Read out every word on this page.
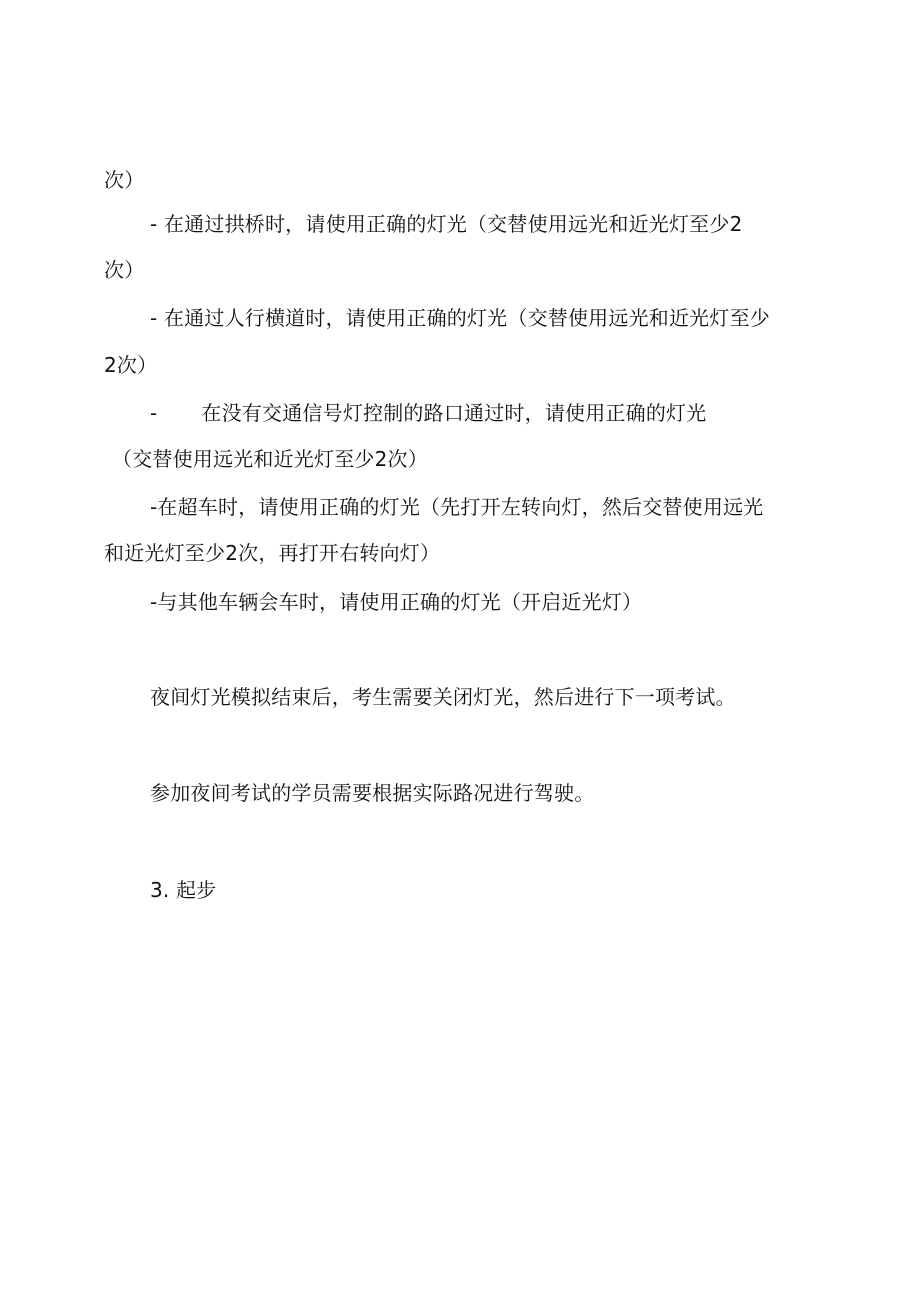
次）
- 在通过拱桥时，请使用正确的灯光（交替使用远光和近光灯至少2
次）
- 在通过人行横道时，请使用正确的灯光（交替使用远光和近光灯至少
2次）
- 在没有交通信号灯控制的路口通过时，请使用正确的灯光
（交替使用远光和近光灯至少2次）
-在超车时，请使用正确的灯光（先打开左转向灯，然后交替使用远光
和近光灯至少2次，再打开右转向灯）
-与其他车辆会车时，请使用正确的灯光（开启近光灯）
夜间灯光模拟结束后，考生需要关闭灯光，然后进行下一项考试。
参加夜间考试的学员需要根据实际路况进行驾驶。
3. 起步
